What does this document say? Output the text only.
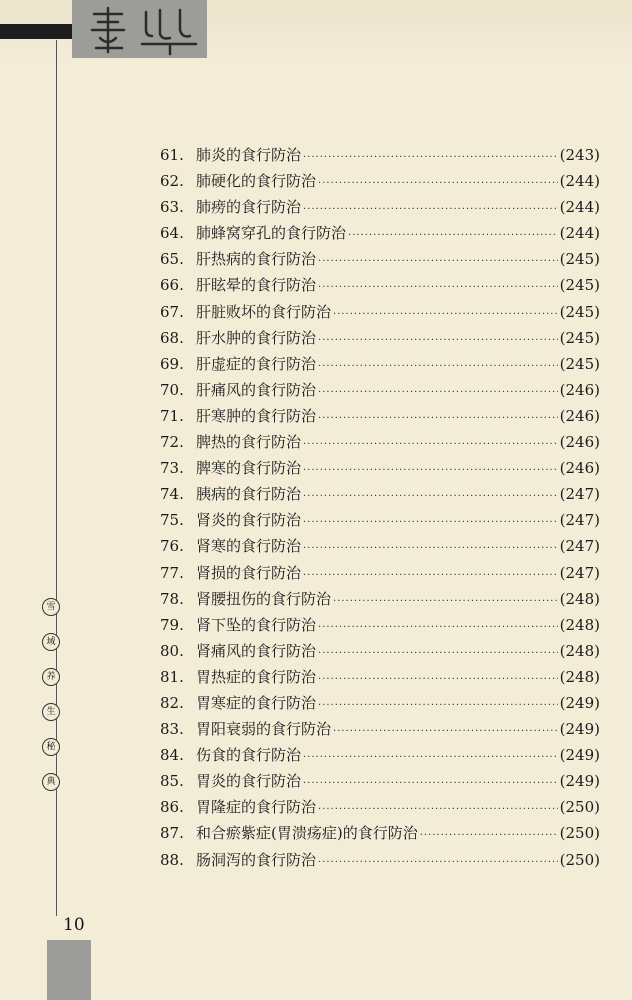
雪
域
养
生
秘
典
10
61. 肺炎的食行防治 ·····	(243)
62. 肺硬化的食行防治 ·····	(244)
63. 肺痨的食行防治 ·····	(244)
64. 肺蜂窝穿孔的食行防治 ·····	(244)
65. 肝热病的食行防治 ·····	(245)
66. 肝眩晕的食行防治 ·····	(245)
67. 肝脏败坏的食行防治 ·····	(245)
68. 肝水肿的食行防治 ·····	(245)
69. 肝虚症的食行防治 ·····	(245)
70. 肝痛风的食行防治 ·····	(246)
71. 肝寒肿的食行防治 ·····	(246)
72. 脾热的食行防治 ·····	(246)
73. 脾寒的食行防治 ·····	(246)
74. 胰病的食行防治 ·····	(247)
75. 肾炎的食行防治 ·····	(247)
76. 肾寒的食行防治 ·····	(247)
77. 肾损的食行防治 ·····	(247)
78. 肾腰扭伤的食行防治 ·····	(248)
79. 肾下坠的食行防治 ·····	(248)
80. 肾痛风的食行防治 ·····	(248)
81. 胃热症的食行防治 ·····	(248)
82. 胃寒症的食行防治 ·····	(249)
83. 胃阳衰弱的食行防治 ·····	(249)
84. 伤食的食行防治 ·····	(249)
85. 胃炎的食行防治 ·····	(249)
86. 胃隆症的食行防治 ·····	(250)
87. 和合瘀紫症(胃溃疡症)的食行防治 ·····	(250)
88. 肠洞泻的食行防治 ·····	(250)
